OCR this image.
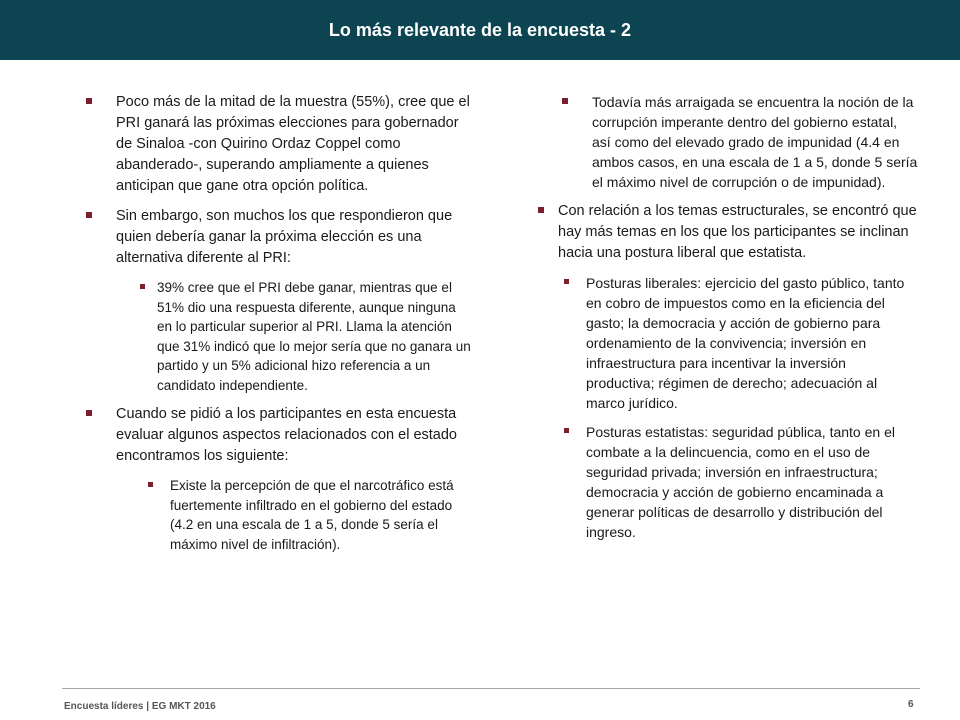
Lo más relevante de la encuesta - 2
Poco más de la mitad de la muestra (55%), cree que el PRI ganará las próximas elecciones para gobernador de Sinaloa -con Quirino Ordaz Coppel como abanderado-, superando ampliamente a quienes anticipan que gane otra opción política.
Sin embargo, son muchos los que respondieron que quien debería ganar la próxima elección es una alternativa diferente al PRI:
39% cree que el PRI debe ganar, mientras que el 51% dio una respuesta diferente, aunque ninguna en lo particular superior al PRI. Llama la atención que 31% indicó que lo mejor sería que no ganara un partido y un 5% adicional hizo referencia a un candidato independiente.
Cuando se pidió a los participantes en esta encuesta evaluar algunos aspectos relacionados con el estado encontramos los siguiente:
Existe la percepción de que el narcotráfico está fuertemente infiltrado en el gobierno del estado (4.2 en una escala de 1 a 5, donde 5 sería el máximo nivel de infiltración).
Todavía más arraigada se encuentra la noción de la corrupción imperante dentro del gobierno estatal, así como del elevado grado de impunidad (4.4 en ambos casos, en una escala de 1 a 5, donde 5 sería el máximo nivel de corrupción o de impunidad).
Con relación a los temas estructurales, se encontró que hay más temas en los que los participantes se inclinan hacia una postura liberal que estatista.
Posturas liberales: ejercicio del gasto público, tanto en cobro de impuestos como en la eficiencia del gasto; la democracia y acción de gobierno para ordenamiento de la convivencia; inversión en infraestructura para incentivar la inversión productiva; régimen de derecho; adecuación al marco jurídico.
Posturas estatistas: seguridad pública, tanto en el combate a la delincuencia, como en el uso de seguridad privada; inversión en infraestructura; democracia y acción de gobierno encaminada a generar políticas de desarrollo y distribución del ingreso.
Encuesta líderes | EG MKT 2016	6
